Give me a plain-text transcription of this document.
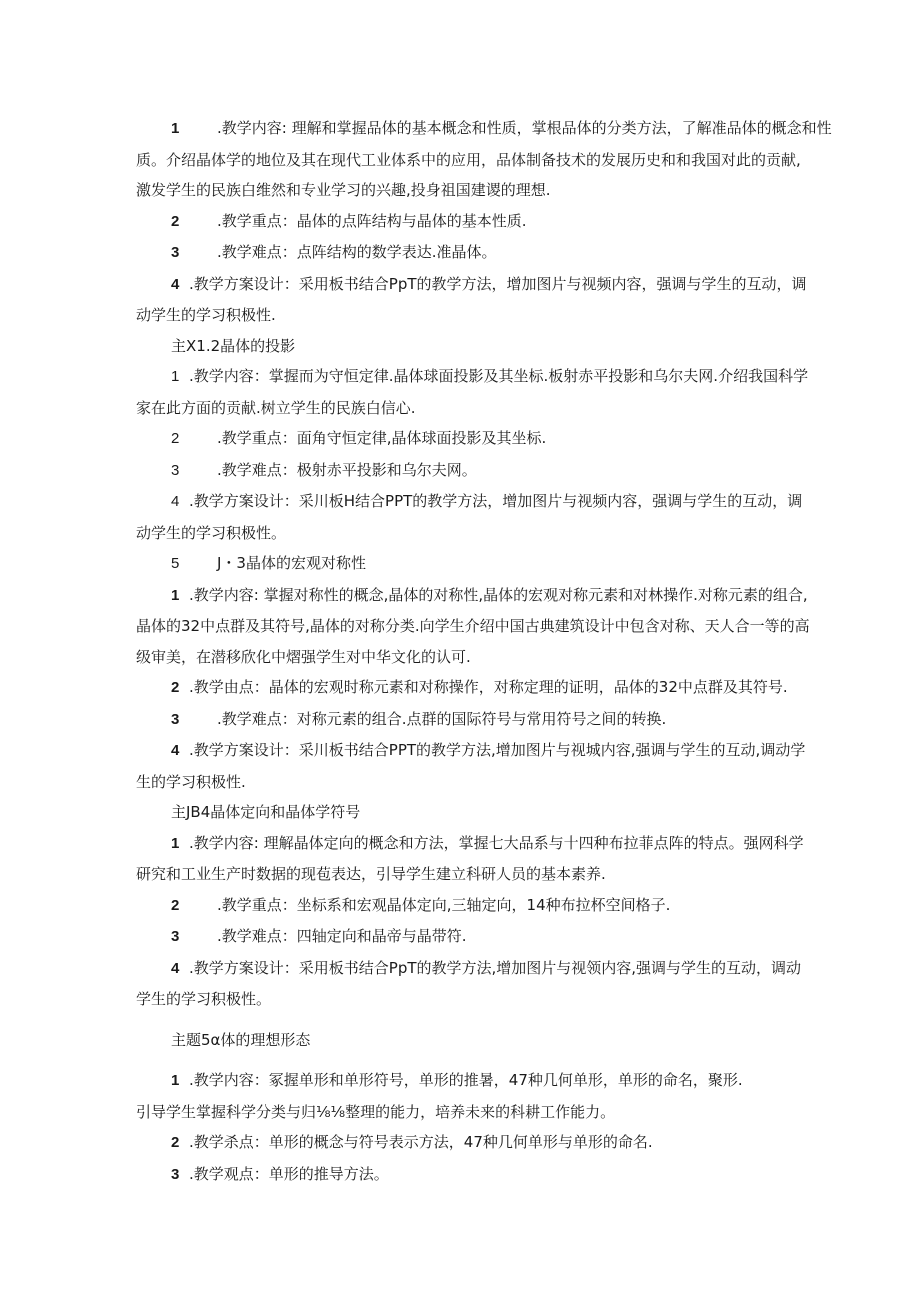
1	.教学内容: 理解和掌握品体的基本概念和性质，掌根品体的分类方法，了解准品体的概念和性

质。介绍晶体学的地位及其在现代工业体系中的应用，品体制备技术的发展历史和和我国对此的贡献,

激发学生的民族白维然和专业学习的兴趣,投身祖国建谡的理想.

2	.教学重点：晶体的点阵结构与晶体的基本性质.

3	.教学难点：点阵结构的数学表达.准晶体。

4 .教学方案设计：采用板书结合PpT的教学方法，增加图片与视频内容，强调与学生的互动，调

动学生的学习积极性.

主X1.2晶体的投影

1 .教学内容：掌握而为守恒定律.晶体球面投影及其坐标.板射赤平投影和乌尔夫网.介绍我国科学

家在此方面的贡献.树立学生的民族白信心.

2	.教学重点：面角守恒定律,晶体球面投影及其坐标.

3	.教学难点：极射赤平投影和乌尔夫网。

4 .教学方案设计：采川板H结合PPT的教学方法，增加图片与视频内容，强调与学生的互动，调

动学生的学习积极性。

5	J・3晶体的宏观对称性

1 .教学内容: 掌握对称性的概念,晶体的对称性,晶体的宏观对称元素和对林操作.对称元素的组合,

晶体的32中点群及其符号,晶体的对称分类.向学生介绍中国古典建筑设计中包含对称、天人合一等的高

级审美，在潜移欣化中熠强学生对中华文化的认可.

2 .教学由点：晶体的宏观时称元素和对称操作，对称定理的证明，品体的32中点群及其符号.

3	.教学难点：对称元素的组合.点群的国际符号与常用符号之间的转换.

4 .教学方案设计：采川板书结合PPT的教学方法,增加图片与视城内容,强调与学生的互动,调动学

生的学习积极性.

主JB4晶体定向和晶体学符号

1 .教学内容: 理解晶体定向的概念和方法，掌握七大品系与十四种布拉菲点阵的特点。强网科学

研究和工业生产时数据的现苞表达，引导学生建立科研人员的基本素养.

2	.教学重点：坐标系和宏观晶体定向,三轴定向，14种布拉杯空间格子.

3	.教学难点：四轴定向和晶帝与晶带符.

4 .教学方案设计：采用板书结合PpT的教学方法,增加图片与视领内容,强调与学生的互动，调动

学生的学习积极性。

主题5α体的理想形态

1 .教学内容：冢握单形和单形符号，单形的推暑，47种几何单形，单形的命名，聚形.

引导学生掌握科学分类与归⅛⅛整理的能力，培养未来的科耕工作能力。

2 .教学杀点：单形的概念与符号表示方法，47种几何单形与单形的命名.

3 .教学观点：单形的推导方法。
